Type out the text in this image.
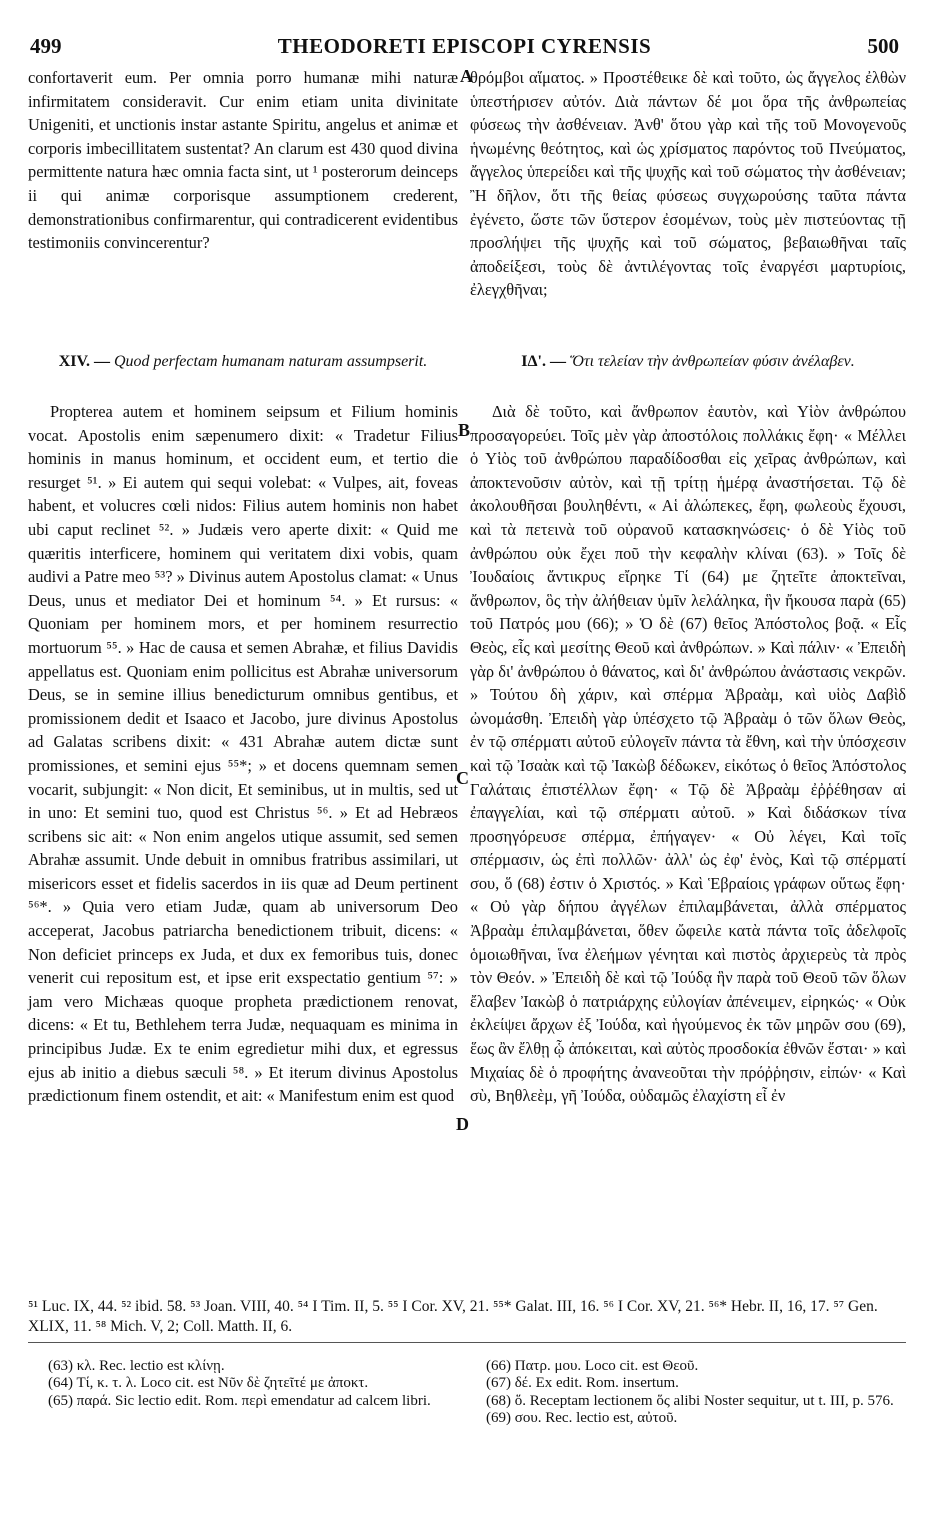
499	THEODORETI EPISCOPI CYRENSIS	500

confortaverit eum. Per omnia porro humanæ mihi naturæ infirmitatem consideravit. Cur enim etiam unita divinitate Unigeniti, et unctionis instar astante Spiritu, angelus et animæ et corporis imbecillitatem sustentat? An clarum est 430 quod divina permittente natura hæc omnia facta sint, ut ¹ posterorum deinceps ii qui animæ corporisque assumptionem crederent, demonstrationibus confirmarentur, qui contradicerent evidentibus testimoniis convincerentur?

θρόμβοι αἵματος. » Προστέθεικε δὲ καὶ τοῦτο, ὡς ἄγγελος ἐλθὼν ὑπεστήρισεν αὐτόν. Διὰ πάντων δέ μοι ὅρα τῆς ἀνθρωπείας φύσεως τὴν ἀσθένειαν. Ἀνθ' ὅτου γὰρ καὶ τῆς τοῦ Μονογενοῦς ἡνωμένης θεότητος, καὶ ὡς χρίσματος παρόντος τοῦ Πνεύματος, ἄγγελος ὑπερείδει καὶ τῆς ψυχῆς καὶ τοῦ σώματος τὴν ἀσθένειαν; Ἢ δῆλον, ὅτι τῆς θείας φύσεως συγχωρούσης ταῦτα πάντα ἐγένετο, ὥστε τῶν ὕστερον ἐσομένων, τοὺς μὲν πιστεύοντας τῇ προσλήψει τῆς ψυχῆς καὶ τοῦ σώματος, βεβαιωθῆναι ταῖς ἀποδείξεσι, τοὺς δὲ ἀντιλέγοντας τοῖς ἐναργέσι μαρτυρίοις, ἐλεγχθῆναι;

XIV. — Quod perfectam humanam naturam assumpserit.	ΙΔ'. — Ὅτι τελείαν τὴν ἀνθρωπείαν φύσιν ἀνέλαβεν.

Propterea autem et hominem seipsum et Filium hominis vocat. Apostolis enim sæpenumero dixit: « Tradetur Filius hominis in manus hominum, et occident eum, et tertio die resurget ⁵¹. » Ei autem qui sequi volebat: « Vulpes, ait, foveas habent, et volucres cœli nidos: Filius autem hominis non habet ubi caput reclinet ⁵². » Judæis vero aperte dixit: « Quid me quæritis interficere, hominem qui veritatem dixi vobis, quam audivi a Patre meo ⁵³? » Divinus autem Apostolus clamat: « Unus Deus, unus et mediator Dei et hominum ⁵⁴. » Et rursus: « Quoniam per hominem mors, et per hominem resurrectio mortuorum ⁵⁵. » Hac de causa et semen Abrahæ, et filius Davidis appellatus est. Quoniam enim pollicitus est Abrahæ universorum Deus, se in semine illius benedicturum omnibus gentibus, et promissionem dedit et Isaaco et Jacobo, jure divinus Apostolus ad Galatas scribens dixit: « 431 Abrahæ autem dictæ sunt promissiones, et semini ejus ⁵⁵*; » et docens quemnam semen vocarit, subjungit: « Non dicit, Et seminibus, ut in multis, sed ut in uno: Et semini tuo, quod est Christus ⁵⁶. » Et ad Hebræos scribens sic ait: « Non enim angelos utique assumit, sed semen Abrahæ assumit. Unde debuit in omnibus fratribus assimilari, ut misericors esset et fidelis sacerdos in iis quæ ad Deum pertinent ⁵⁶*. » Quia vero etiam Judæ, quam ab universorum Deo acceperat, Jacobus patriarcha benedictionem tribuit, dicens: « Non deficiet princeps ex Juda, et dux ex femoribus tuis, donec venerit cui repositum est, et ipse erit exspectatio gentium ⁵⁷: » jam vero Michæas quoque propheta prædictionem renovat, dicens: « Et tu, Bethlehem terra Judæ, nequaquam es minima in principibus Judæ. Ex te enim egredietur mihi dux, et egressus ejus ab initio a diebus sæculi ⁵⁸. » Et iterum divinus Apostolus prædictionum finem ostendit, et ait: « Manifestum enim est quod

Διὰ δὲ τοῦτο, καὶ ἄνθρωπον ἑαυτὸν, καὶ Υἱὸν ἀνθρώπου προσαγορεύει. Τοῖς μὲν γὰρ ἀποστόλοις πολλάκις ἔφη· « Μέλλει ὁ Υἱὸς τοῦ ἀνθρώπου παραδίδοσθαι εἰς χεῖρας ἀνθρώπων, καὶ ἀποκτενοῦσιν αὐτὸν, καὶ τῇ τρίτῃ ἡμέρᾳ ἀναστήσεται. Τῷ δὲ ἀκολουθῆσαι βουληθέντι, « Αἱ ἀλώπεκες, ἔφη, φωλεοὺς ἔχουσι, καὶ τὰ πετεινὰ τοῦ οὐρανοῦ κατασκηνώσεις· ὁ δὲ Υἱὸς τοῦ ἀνθρώπου οὐκ ἔχει ποῦ τὴν κεφαλὴν κλίναι (63). » Τοῖς δὲ Ἰουδαίοις ἄντικρυς εἴρηκε Τί (64) με ζητεῖτε ἀποκτεῖναι, ἄνθρωπον, ὃς τὴν ἀλήθειαν ὑμῖν λελάληκα, ἣν ἤκουσα παρὰ (65) τοῦ Πατρός μου (66); » Ὁ δὲ (67) θεῖος Ἀπόστολος βοᾷ. « Εἷς Θεὸς, εἷς καὶ μεσίτης Θεοῦ καὶ ἀνθρώπων. » Καὶ πάλιν· « Ἐπειδὴ γὰρ δι' ἀνθρώπου ὁ θάνατος, καὶ δι' ἀνθρώπου ἀνάστασις νεκρῶν. » Τούτου δὴ χάριν, καὶ σπέρμα Ἀβραὰμ, καὶ υἱὸς Δαβὶδ ὠνομάσθη. Ἐπειδὴ γὰρ ὑπέσχετο τῷ Ἀβραὰμ ὁ τῶν ὅλων Θεὸς, ἐν τῷ σπέρματι αὐτοῦ εὐλογεῖν πάντα τὰ ἔθνη, καὶ τὴν ὑπόσχεσιν καὶ τῷ Ἰσαὰκ καὶ τῷ Ἰακὼβ δέδωκεν, εἰκότως ὁ θεῖος Ἀπόστολος Γαλάταις ἐπιστέλλων ἔφη· « Τῷ δὲ Ἀβραὰμ ἐῤῥέθησαν αἱ ἐπαγγελίαι, καὶ τῷ σπέρματι αὐτοῦ. » Καὶ διδάσκων τίνα προσηγόρευσε σπέρμα, ἐπήγαγεν· « Οὐ λέγει, Καὶ τοῖς σπέρμασιν, ὡς ἐπὶ πολλῶν· ἀλλ' ὡς ἐφ' ἑνὸς, Καὶ τῷ σπέρματί σου, ὅ (68) ἐστιν ὁ Χριστός. » Καὶ Ἑβραίοις γράφων οὕτως ἔφη· « Οὐ γὰρ δήπου ἀγγέλων ἐπιλαμβάνεται, ἀλλὰ σπέρματος Ἀβραὰμ ἐπιλαμβάνεται, ὅθεν ὤφειλε κατὰ πάντα τοῖς ἀδελφοῖς ὁμοιωθῆναι, ἵνα ἐλεήμων γένηται καὶ πιστὸς ἀρχιερεὺς τὰ πρὸς τὸν Θεόν. » Ἐπειδὴ δὲ καὶ τῷ Ἰούδᾳ ἣν παρὰ τοῦ Θεοῦ τῶν ὅλων ἔλαβεν Ἰακὼβ ὁ πατριάρχης εὐλογίαν ἀπένειμεν, εἰρηκώς· « Οὐκ ἐκλείψει ἄρχων ἐξ Ἰούδα, καὶ ἡγούμενος ἐκ τῶν μηρῶν σου (69), ἕως ἂν ἔλθῃ ᾧ ἀπόκειται, καὶ αὐτὸς προσδοκία ἐθνῶν ἔσται· » καὶ Μιχαίας δὲ ὁ προφήτης ἀνανεοῦται τὴν πρόῤῥησιν, εἰπών· « Καὶ σὺ, Βηθλεὲμ, γῆ Ἰούδα, οὐδαμῶς ἐλαχίστη εἶ ἐν

A
B
C
D
⁵¹ Luc. IX, 44. ⁵² ibid. 58. ⁵³ Joan. VIII, 40. ⁵⁴ I Tim. II, 5. ⁵⁵ I Cor. XV, 21. ⁵⁵* Galat. III, 16. ⁵⁶ I Cor. XV, 21. ⁵⁶* Hebr. II, 16, 17. ⁵⁷ Gen. XLIX, 11. ⁵⁸ Mich. V, 2; Coll. Matth. II, 6.

(63) κλ. Rec. lectio est κλίνῃ.

(64) Τί, κ. τ. λ. Loco cit. est Νῦν δὲ ζητεῖτέ με ἀποκτ.

(65) παρά. Sic lectio edit. Rom. περὶ emendatur ad calcem libri.

(66) Πατρ. μου. Loco cit. est Θεοῦ.

(67) δέ. Ex edit. Rom. insertum.

(68) ὅ. Receptam lectionem ὅς alibi Noster sequitur, ut t. III, p. 576.

(69) σου. Rec. lectio est, αὐτοῦ.
